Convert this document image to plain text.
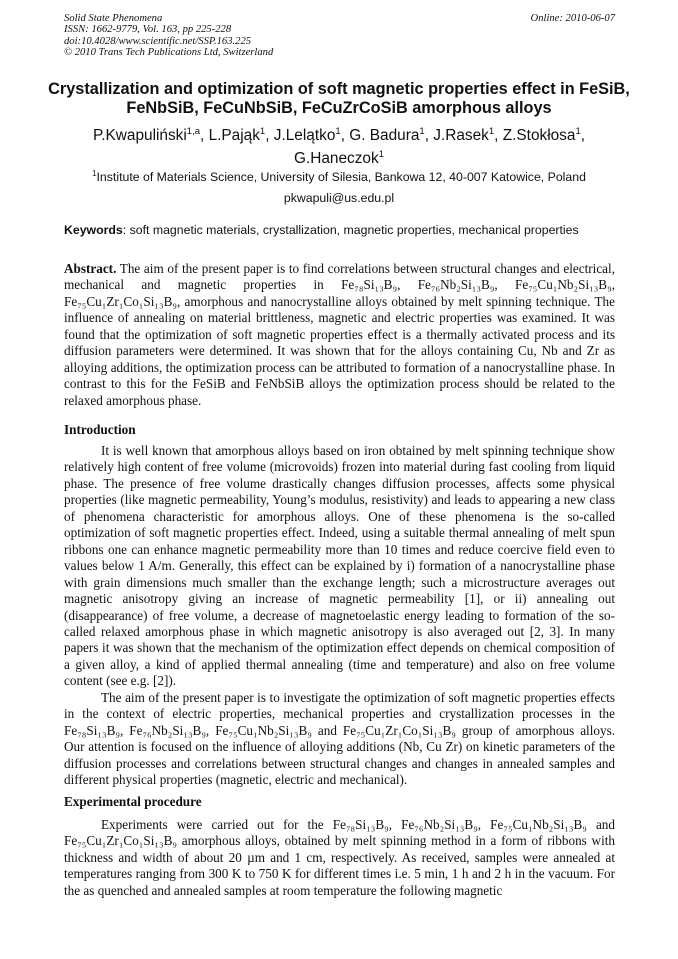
Solid State Phenomena
ISSN: 1662-9779, Vol. 163, pp 225-228
doi:10.4028/www.scientific.net/SSP.163.225
© 2010 Trans Tech Publications Ltd, Switzerland
Online: 2010-06-07
Crystallization and optimization of soft magnetic properties effect in FeSiB, FeNbSiB, FeCuNbSiB, FeCuZrCoSiB amorphous alloys
P.Kwapuliński$^{1,a}$, L.Pająk$^1$, J.Lelątko$^1$, G. Badura$^1$, J.Rasek$^1$, Z.Stokłosa$^1$,
G.Haneczok$^1$
$^1$Institute of Materials Science, University of Silesia, Bankowa 12, 40-007 Katowice, Poland
pkwapuli@us.edu.pl
Keywords: soft magnetic materials, crystallization, magnetic properties, mechanical properties

Abstract. The aim of the present paper is to find correlations between structural changes and electrical, mechanical and magnetic properties in Fe₇₈Si₁₃B₉, Fe₇₆Nb₂Si₁₃B₉, Fe₇₅Cu₁Nb₂Si₁₃B₉, Fe₇₅Cu₁Zr₁Co₁Si₁₃B₉, amorphous and nanocrystalline alloys obtained by melt spinning technique. The influence of annealing on material brittleness, magnetic and electric properties was examined. It was found that the optimization of soft magnetic properties effect is a thermally activated process and its diffusion parameters were determined. It was shown that for the alloys containing Cu, Nb and Zr as alloying additions, the optimization process can be attributed to formation of a nanocrystalline phase. In contrast to this for the FeSiB and FeNbSiB alloys the optimization process should be related to the relaxed amorphous phase.

Introduction

It is well known that amorphous alloys based on iron obtained by melt spinning technique show relatively high content of free volume (microvoids) frozen into material during fast cooling from liquid phase. The presence of free volume drastically changes diffusion processes, affects some physical properties (like magnetic permeability, Young’s modulus, resistivity) and leads to appearing a new class of phenomena characteristic for amorphous alloys. One of these phenomena is the so-called optimization of soft magnetic properties effect. Indeed, using a suitable thermal annealing of melt spun ribbons one can enhance magnetic permeability more than 10 times and reduce coercive field even to values below 1 A/m. Generally, this effect can be explained by i) formation of a nanocrystalline phase with grain dimensions much smaller than the exchange length; such a microstructure averages out magnetic anisotropy giving an increase of magnetic permeability [1], or ii) annealing out (disappearance) of free volume, a decrease of magnetoelastic energy leading to formation of the so-called relaxed amorphous phase in which magnetic anisotropy is also averaged out [2, 3]. In many papers it was shown that the mechanism of the optimization effect depends on chemical composition of a given alloy, a kind of applied thermal annealing (time and temperature) and also on free volume content (see e.g. [2]).

The aim of the present paper is to investigate the optimization of soft magnetic properties effects in the context of electric properties, mechanical properties and crystallization processes in the Fe₇₈Si₁₃B₉, Fe₇₆Nb₂Si₁₃B₉, Fe₇₅Cu₁Nb₂Si₁₃B₉ and Fe₇₅Cu₁Zr₁Co₁Si₁₃B₉ group of amorphous alloys. Our attention is focused on the influence of alloying additions (Nb, Cu Zr) on kinetic parameters of the diffusion processes and correlations between structural changes and changes in annealed samples and different physical properties (magnetic, electric and mechanical).

Experimental procedure

Experiments were carried out for the Fe₇₈Si₁₃B₉, Fe₇₆Nb₂Si₁₃B₉, Fe₇₅Cu₁Nb₂Si₁₃B₉ and Fe₇₅Cu₁Zr₁Co₁Si₁₃B₉ amorphous alloys, obtained by melt spinning method in a form of ribbons with thickness and width of about 20 µm and 1 cm, respectively. As received, samples were annealed at temperatures ranging from 300 K to 750 K for different times i.e. 5 min, 1 h and 2 h in the vacuum. For the as quenched and annealed samples at room temperature the following magnetic
